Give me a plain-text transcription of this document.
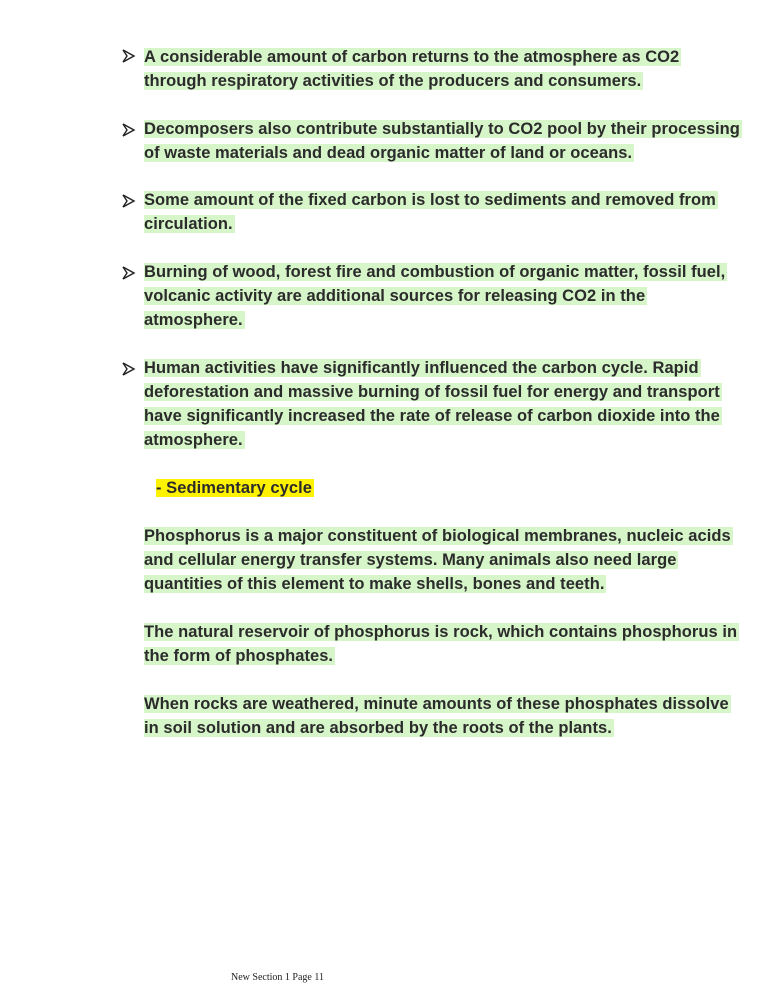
A considerable amount of carbon returns to the atmosphere as CO2
through respiratory activities of the producers and consumers.
Decomposers also contribute substantially to CO2 pool by their processing
of waste materials and dead organic matter of land or oceans.
Some amount of the fixed carbon is lost to sediments and removed from
circulation.
Burning of wood, forest fire and combustion of organic matter, fossil fuel,
volcanic activity are additional sources for releasing CO2 in the
atmosphere.
Human activities have significantly influenced the carbon cycle. Rapid
deforestation and massive burning of fossil fuel for energy and transport
have significantly increased the rate of release of carbon dioxide into the
atmosphere.
- Sedimentary cycle
Phosphorus is a major constituent of biological membranes, nucleic acids
and cellular energy transfer systems. Many animals also need large
quantities of this element to make shells, bones and teeth.
The natural reservoir of phosphorus is rock, which contains phosphorus in
the form of phosphates.
When rocks are weathered, minute amounts of these phosphates dissolve
in soil solution and are absorbed by the roots of the plants.
New Section 1 Page 11
